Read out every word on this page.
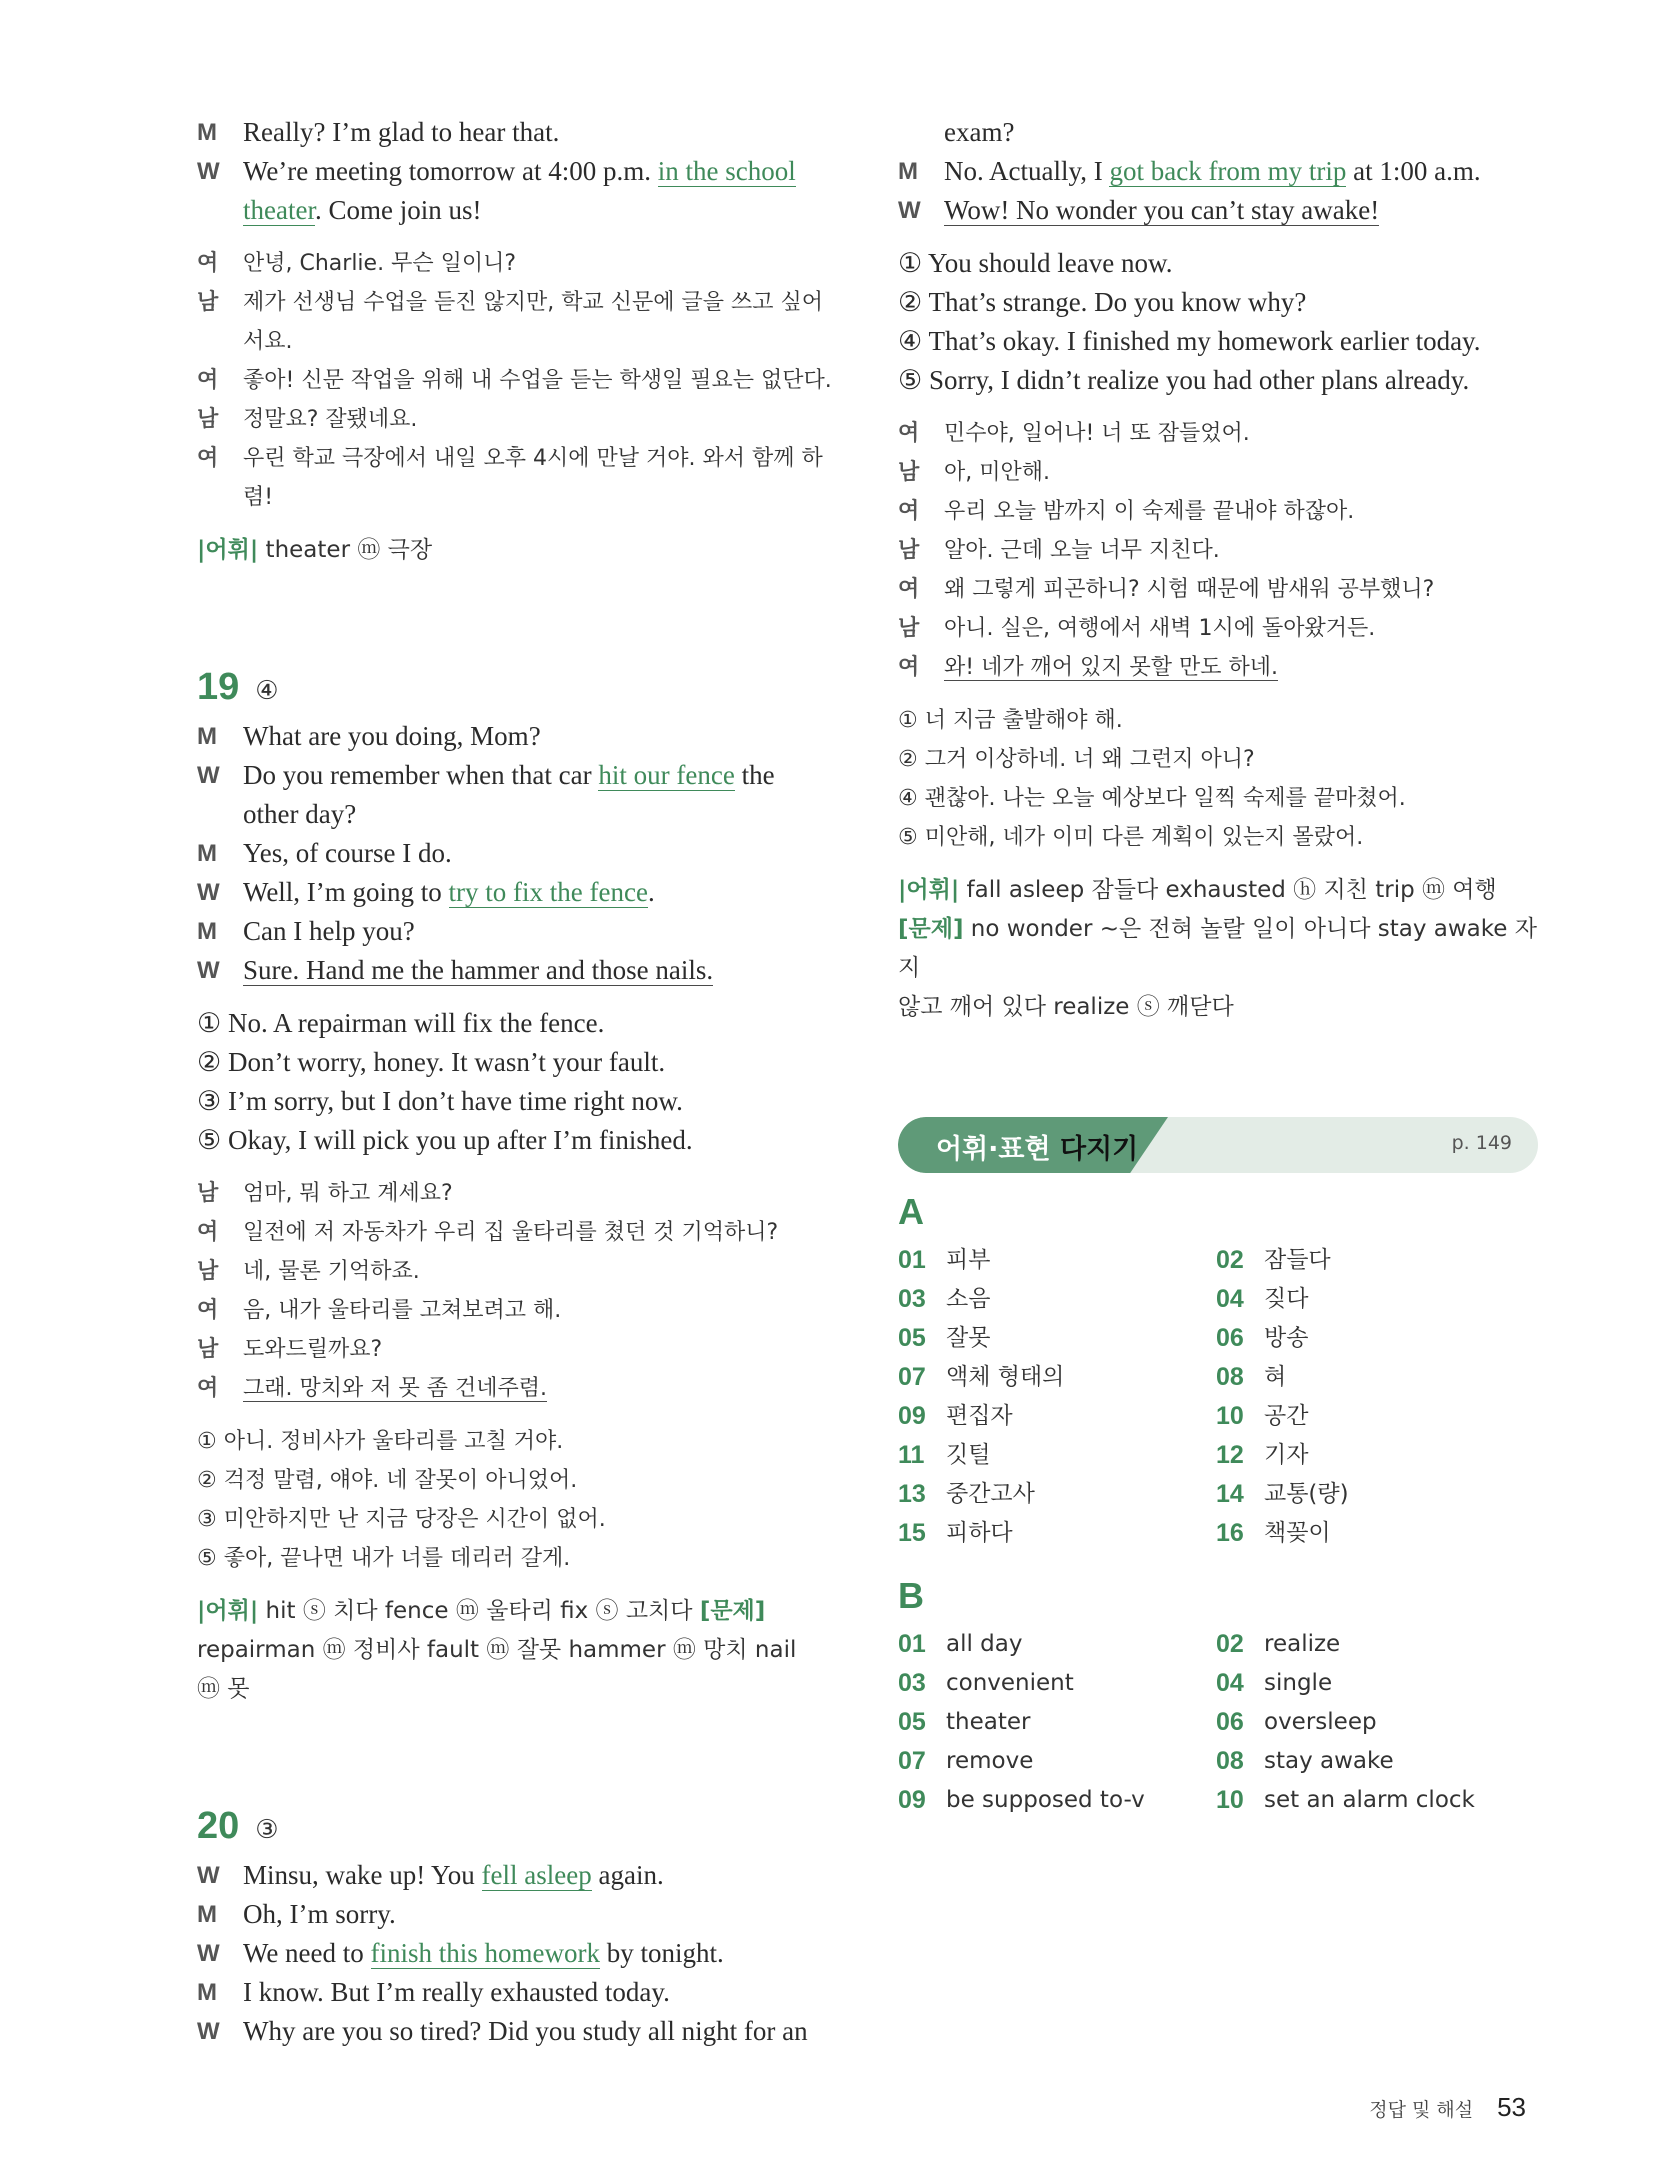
M Really? I’m glad to hear that.
W We’re meeting tomorrow at 4:00 p.m. in the school
theater. Come join us!
여	안녕, Charlie. 무슨 일이니?
남	제가 선생님 수업을 듣진 않지만, 학교 신문에 글을 쓰고 싶어
서요.
여	좋아! 신문 작업을 위해 내 수업을 듣는 학생일 필요는 없단다.
남	정말요? 잘됐네요.
여	우린 학교 극장에서 내일 오후 4시에 만날 거야. 와서 함께 하렴!
|어휘| theater ⓜ 극장
19 ④
M What are you doing, Mom?
W Do you remember when that car hit our fence the
other day?
M Yes, of course I do.
W Well, I’m going to try to fix the fence.
M Can I help you?
W Sure. Hand me the hammer and those nails.
① No. A repairman will fix the fence.
② Don’t worry, honey. It wasn’t your fault.
③ I’m sorry, but I don’t have time right now.
⑤ Okay, I will pick you up after I’m finished.
남	엄마, 뭐 하고 계세요?
여	일전에 저 자동차가 우리 집 울타리를 쳤던 것 기억하니?
남	네, 물론 기억하죠.
여	음, 내가 울타리를 고쳐보려고 해.
남	도와드릴까요?
여	그래. 망치와 저 못 좀 건네주렴.
① 아니. 정비사가 울타리를 고칠 거야.
② 걱정 말렴, 얘야. 네 잘못이 아니었어.
③ 미안하지만 난 지금 당장은 시간이 없어.
⑤ 좋아, 끝나면 내가 너를 데리러 갈게.
|어휘| hit ⓢ 치다 fence ⓜ 울타리 fix ⓢ 고치다 [문제]
repairman ⓜ 정비사 fault ⓜ 잘못 hammer ⓜ 망치 nail
ⓜ 못
20 ③
W Minsu, wake up! You fell asleep again.
M Oh, I’m sorry.
W We need to finish this homework by tonight.
M I know. But I’m really exhausted today.
W Why are you so tired? Did you study all night for an
exam?
M No. Actually, I got back from my trip at 1:00 a.m.
W Wow! No wonder you can’t stay awake!
① You should leave now.
② That’s strange. Do you know why?
④ That’s okay. I finished my homework earlier today.
⑤ Sorry, I didn’t realize you had other plans already.
여	민수야, 일어나! 너 또 잠들었어.
남	아, 미안해.
여	우리 오늘 밤까지 이 숙제를 끝내야 하잖아.
남	알아. 근데 오늘 너무 지친다.
여	왜 그렇게 피곤하니? 시험 때문에 밤새워 공부했니?
남	아니. 실은, 여행에서 새벽 1시에 돌아왔거든.
여	와! 네가 깨어 있지 못할 만도 하네.
① 너 지금 출발해야 해.
② 그거 이상하네. 너 왜 그런지 아니?
④ 괜찮아. 나는 오늘 예상보다 일찍 숙제를 끝마쳤어.
⑤ 미안해, 네가 이미 다른 계획이 있는지 몰랐어.
|어휘| fall asleep 잠들다 exhausted ⓗ 지친 trip ⓜ 여행
[문제] no wonder ~은 전혀 놀랄 일이 아니다 stay awake 자지
않고 깨어 있다 realize ⓢ 깨닫다
어휘·표현 다지기	p. 149
A
01 피부	02 잠들다
03 소음	04 짖다
05 잘못	06 방송
07 액체 형태의	08 혀
09 편집자	10 공간
11 깃털	12 기자
13 중간고사	14 교통(량)
15 피하다	16 책꽂이
B
01 all day	02 realize
03 convenient	04 single
05 theater	06 oversleep
07 remove	08 stay awake
09 be supposed to-v	10 set an alarm clock
정답 및 해설 53
